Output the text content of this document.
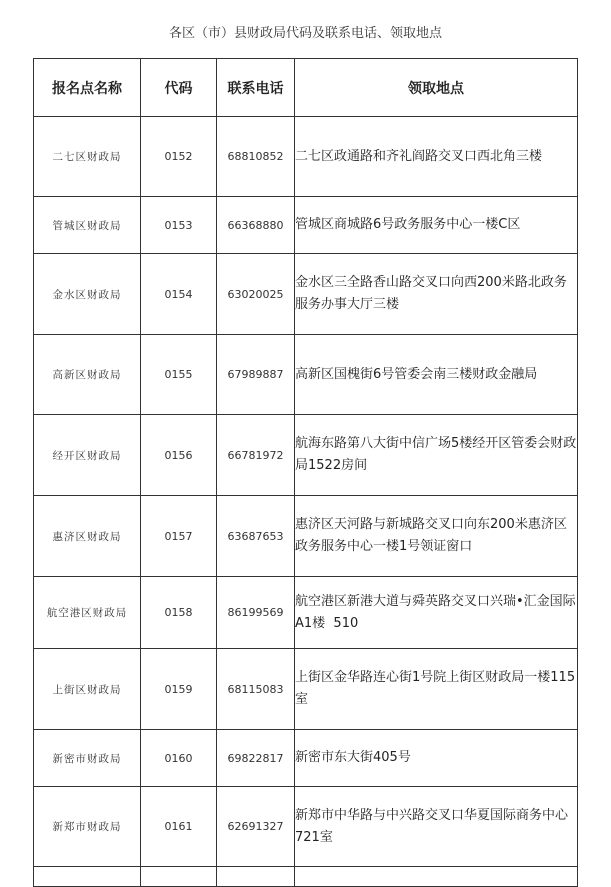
各区（市）县财政局代码及联系电话、领取地点
报名点名称	代码	联系电话	领取地点
二七区财政局	0152	68810852	二七区政通路和齐礼阎路交叉口西北角三楼
管城区财政局	0153	66368880	管城区商城路6号政务服务中心一楼C区
金水区财政局	0154	63020025	金水区三全路香山路交叉口向西200米路北政务服务办事大厅三楼
高新区财政局	0155	67989887	高新区国槐街6号管委会南三楼财政金融局
经开区财政局	0156	66781972	航海东路第八大街中信广场5楼经开区管委会财政局1522房间
惠济区财政局	0157	63687653	惠济区天河路与新城路交叉口向东200米惠济区政务服务中心一楼1号领证窗口
航空港区财政局	0158	86199569	航空港区新港大道与舜英路交叉口兴瑞•汇金国际A1楼  510
上街区财政局	0159	68115083	上街区金华路连心街1号院上街区财政局一楼115室
新密市财政局	0160	69822817	新密市东大街405号
新郑市财政局	0161	62691327	新郑市中华路与中兴路交叉口华夏国际商务中心721室
